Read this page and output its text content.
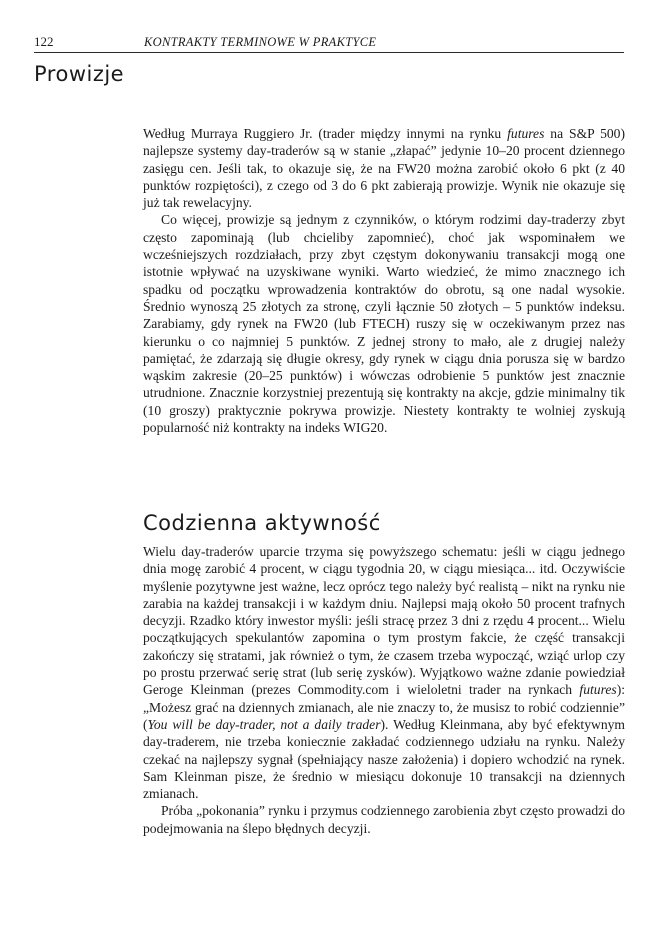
122	KONTRAKTY TERMINOWE W PRAKTYCE
Prowizje

Według Murraya Ruggiero Jr. (trader między innymi na rynku futures na S&P 500) najlepsze systemy day-traderów są w stanie „złapać” jedynie 10–20 procent dziennego zasięgu cen. Jeśli tak, to okazuje się, że na FW20 można zarobić około 6 pkt (z 40 punktów rozpiętości), z czego od 3 do 6 pkt zabierają prowizje. Wynik nie okazuje się już tak rewelacyjny.

Co więcej, prowizje są jednym z czynników, o którym rodzimi day-traderzy zbyt często zapominają (lub chcieliby zapomnieć), choć jak wspominałem we wcześniejszych rozdziałach, przy zbyt częstym dokonywaniu transakcji mogą one istotnie wpływać na uzyskiwane wyniki. Warto wiedzieć, że mimo znacznego ich spadku od początku wprowadzenia kontraktów do obrotu, są one nadal wysokie. Średnio wynoszą 25 złotych za stronę, czyli łącznie 50 złotych – 5 punktów indeksu. Zarabiamy, gdy rynek na FW20 (lub FTECH) ruszy się w oczekiwanym przez nas kierunku o co najmniej 5 punktów. Z jednej strony to mało, ale z drugiej należy pamiętać, że zdarzają się długie okresy, gdy rynek w ciągu dnia porusza się w bardzo wąskim zakresie (20–25 punktów) i wówczas odrobienie 5 punktów jest znacznie utrudnione. Znacznie korzystniej prezentują się kontrakty na akcje, gdzie minimalny tik (10 groszy) praktycznie pokrywa prowizje. Niestety kontrakty te wolniej zyskują popularność niż kontrakty na indeks WIG20.

Codzienna aktywność

Wielu day-traderów uparcie trzyma się powyższego schematu: jeśli w ciągu jednego dnia mogę zarobić 4 procent, w ciągu tygodnia 20, w ciągu miesiąca... itd. Oczywiście myślenie pozytywne jest ważne, lecz oprócz tego należy być realistą – nikt na rynku nie zarabia na każdej transakcji i w każdym dniu. Najlepsi mają około 50 procent trafnych decyzji. Rzadko który inwestor myśli: jeśli stracę przez 3 dni z rzędu 4 procent... Wielu początkujących spekulantów zapomina o tym prostym fakcie, że część transakcji zakończy się stratami, jak również o tym, że czasem trzeba wypocząć, wziąć urlop czy po prostu przerwać serię strat (lub serię zysków). Wyjątkowo ważne zdanie powiedział Geroge Kleinman (prezes Commodity.com i wieloletni trader na rynkach futures): „Możesz grać na dziennych zmianach, ale nie znaczy to, że musisz to robić codziennie” (You will be day-trader, not a daily trader). Według Kleinmana, aby być efektywnym day-traderem, nie trzeba koniecznie zakładać codziennego udziału na rynku. Należy czekać na najlepszy sygnał (spełniający nasze założenia) i dopiero wchodzić na rynek. Sam Kleinman pisze, że średnio w miesiącu dokonuje 10 transakcji na dziennych zmianach.

Próba „pokonania” rynku i przymus codziennego zarobienia zbyt często prowadzi do podejmowania na ślepo błędnych decyzji.
